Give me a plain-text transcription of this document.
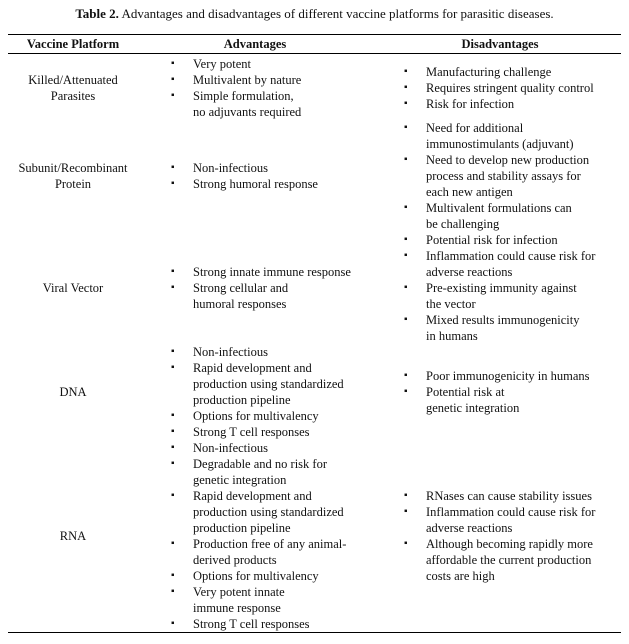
Table 2. Advantages and disadvantages of different vaccine platforms for parasitic diseases.
Vaccine Platform	Advantages	Disadvantages
Killed/Attenuated
Parasites
▪ Very potent
▪ Multivalent by nature
▪ Simple formulation,
no adjuvants required
▪ Manufacturing challenge
▪ Requires stringent quality control
▪ Risk for infection
Subunit/Recombinant
Protein
▪ Non-infectious
▪ Strong humoral response
▪ Need for additional
immunostimulants (adjuvant)
▪ Need to develop new production
process and stability assays for
each new antigen
▪ Multivalent formulations can
be challenging
▪ Potential risk for infection
Viral Vector
▪ Strong innate immune response
▪ Strong cellular and
humoral responses
▪ Inflammation could cause risk for
adverse reactions
▪ Pre-existing immunity against
the vector
▪ Mixed results immunogenicity
in humans
DNA
▪ Non-infectious
▪ Rapid development and
production using standardized
production pipeline
▪ Options for multivalency
▪ Strong T cell responses
▪ Poor immunogenicity in humans
▪ Potential risk at
genetic integration
RNA
▪ Non-infectious
▪ Degradable and no risk for
genetic integration
▪ Rapid development and
production using standardized
production pipeline
▪ Production free of any animal-
derived products
▪ Options for multivalency
▪ Very potent innate
immune response
▪ Strong T cell responses
▪ RNases can cause stability issues
▪ Inflammation could cause risk for
adverse reactions
▪ Although becoming rapidly more
affordable the current production
costs are high
